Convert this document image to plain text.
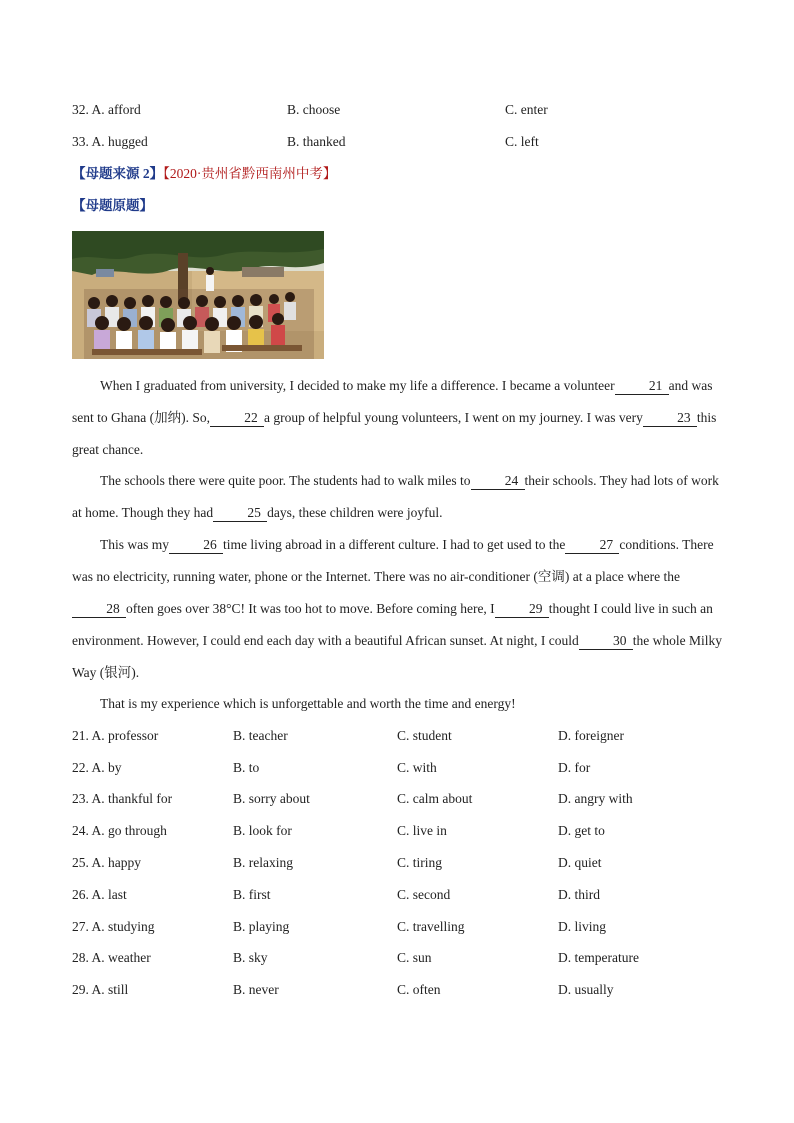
32. A. afford	B. choose	C. enter
33. A. hugged	B. thanked	C. left
【母题来源 2】【2020·贵州省黔西南州中考】
【母题原题】
When I graduated from university, I decided to make my life a difference. I became a volunteer	21 and was sent to Ghana (加纳). So,	22 a group of helpful young volunteers, I went on my journey. I was very	23 this great chance.
The schools there were quite poor. The students had to walk miles to	24 their schools. They had lots of work at home. Though they had	25 days, these children were joyful.
This was my	26 time living abroad in a different culture. I had to get used to the	27 conditions. There was no electricity, running water, phone or the Internet. There was no air-conditioner (空调) at a place where the28 often goes over 38°C! It was too hot to move. Before coming here, I	29 thought I could live in such an environment. However, I could end each day with a beautiful African sunset. At night, I could	30 the whole Milky Way (银河).
That is my experience which is unforgettable and worth the time and energy!
21. A. professor	B. teacher	C. student	D. foreigner
22. A. by	B. to	C. with	D. for
23. A. thankful for	B. sorry about	C. calm about	D. angry with
24. A. go through	B. look for	C. live in	D. get to
25. A. happy	B. relaxing	C. tiring	D. quiet
26. A. last	B. first	C. second	D. third
27. A. studying	B. playing	C. travelling	D. living
28. A. weather	B. sky	C. sun	D. temperature
29. A. still	B. never	C. often	D. usually
